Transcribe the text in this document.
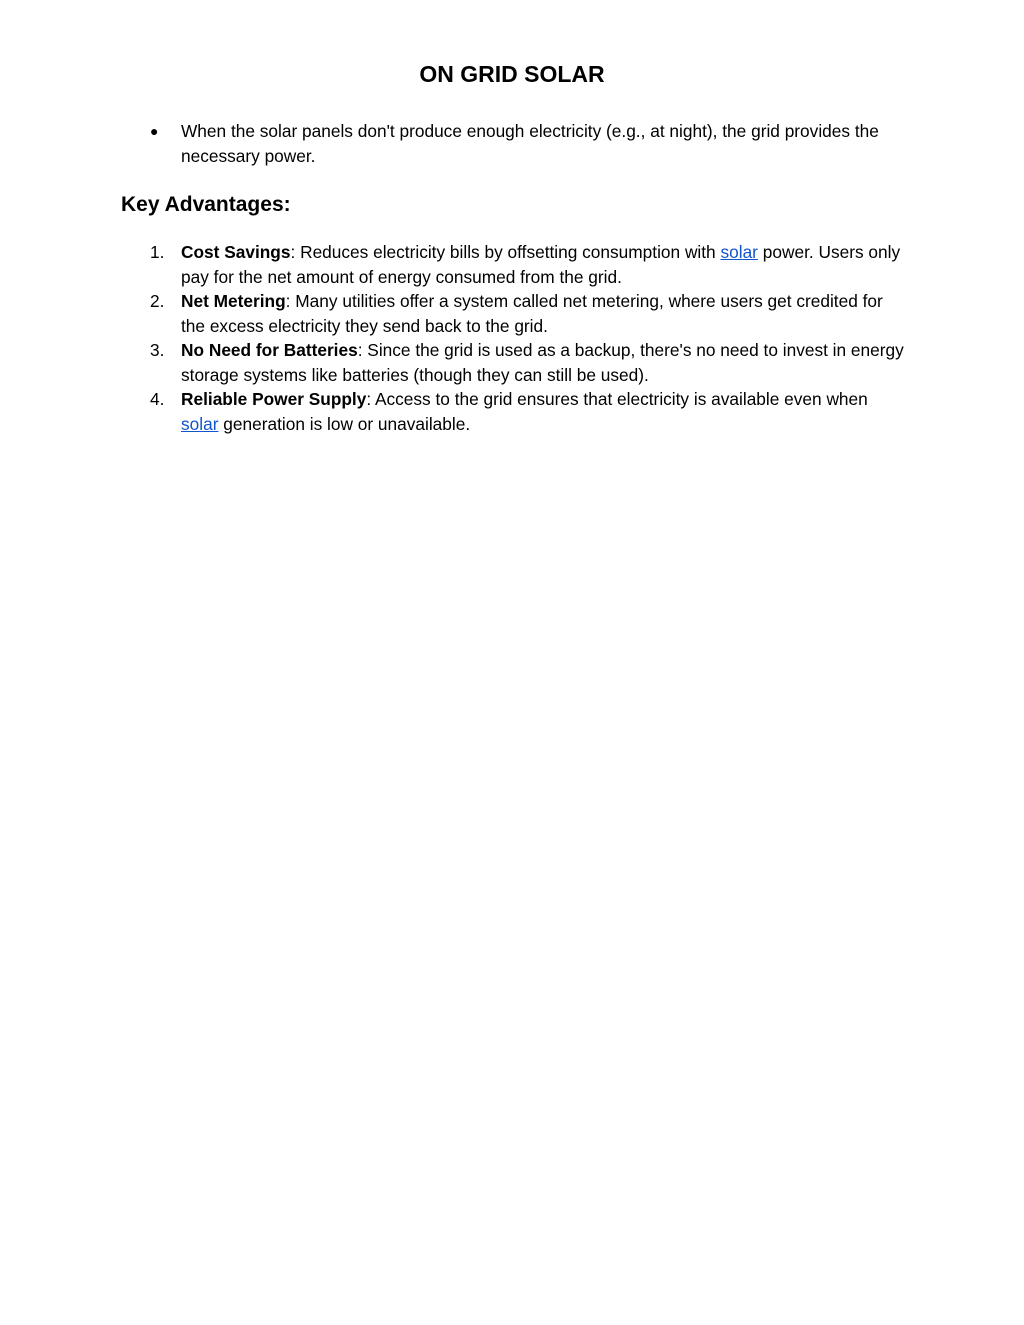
ON GRID SOLAR
● When the solar panels don't produce enough electricity (e.g., at night), the grid provides the necessary power.
Key Advantages:
1. Cost Savings: Reduces electricity bills by offsetting consumption with solar power. Users only pay for the net amount of energy consumed from the grid.
2. Net Metering: Many utilities offer a system called net metering, where users get credited for the excess electricity they send back to the grid.
3. No Need for Batteries: Since the grid is used as a backup, there's no need to invest in energy storage systems like batteries (though they can still be used).
4. Reliable Power Supply: Access to the grid ensures that electricity is available even when solar generation is low or unavailable.
